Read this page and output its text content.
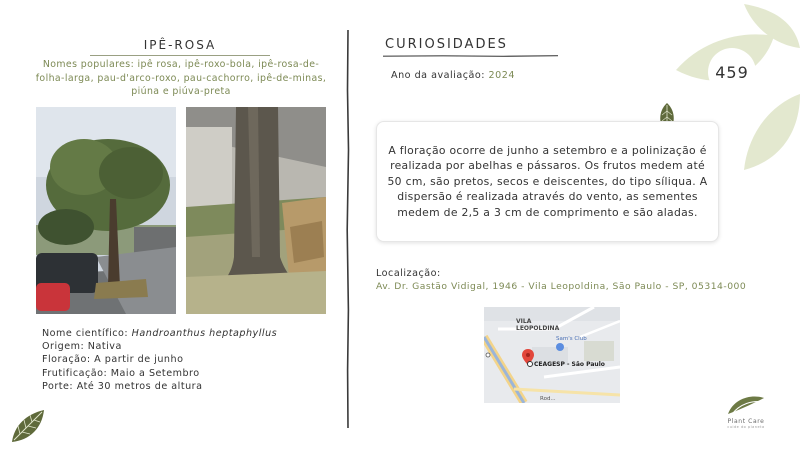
459
IPÊ-ROSA
Nomes populares: ipê rosa, ipê-roxo-bola, ipê-rosa-de-folha-larga, pau-d'arco-roxo, pau-cachorro, ipê-de-minas, piúna e piúva-preta
Nome científico: Handroanthus heptaphyllus
Origem: Nativa
Floração: A partir de junho
Frutificação: Maio a Setembro
Porte: Até 30 metros de altura
CURIOSIDADES
Ano da avaliação: 2024

A floração ocorre de junho a setembro e a polinização é realizada por abelhas e pássaros. Os frutos medem até 50 cm, são pretos, secos e deiscentes, do tipo síliqua. A dispersão é realizada através do vento, as sementes medem de 2,5 a 3 cm de comprimento e são aladas.

Localização:
Av. Dr. Gastão Vidigal, 1946 - Vila Leopoldina, São Paulo - SP, 05314-000
VILA
LEOPOLDINA
Sam's Club
CEAGESP - São Paulo
Rod...
Plant Care
cuide do planeta
